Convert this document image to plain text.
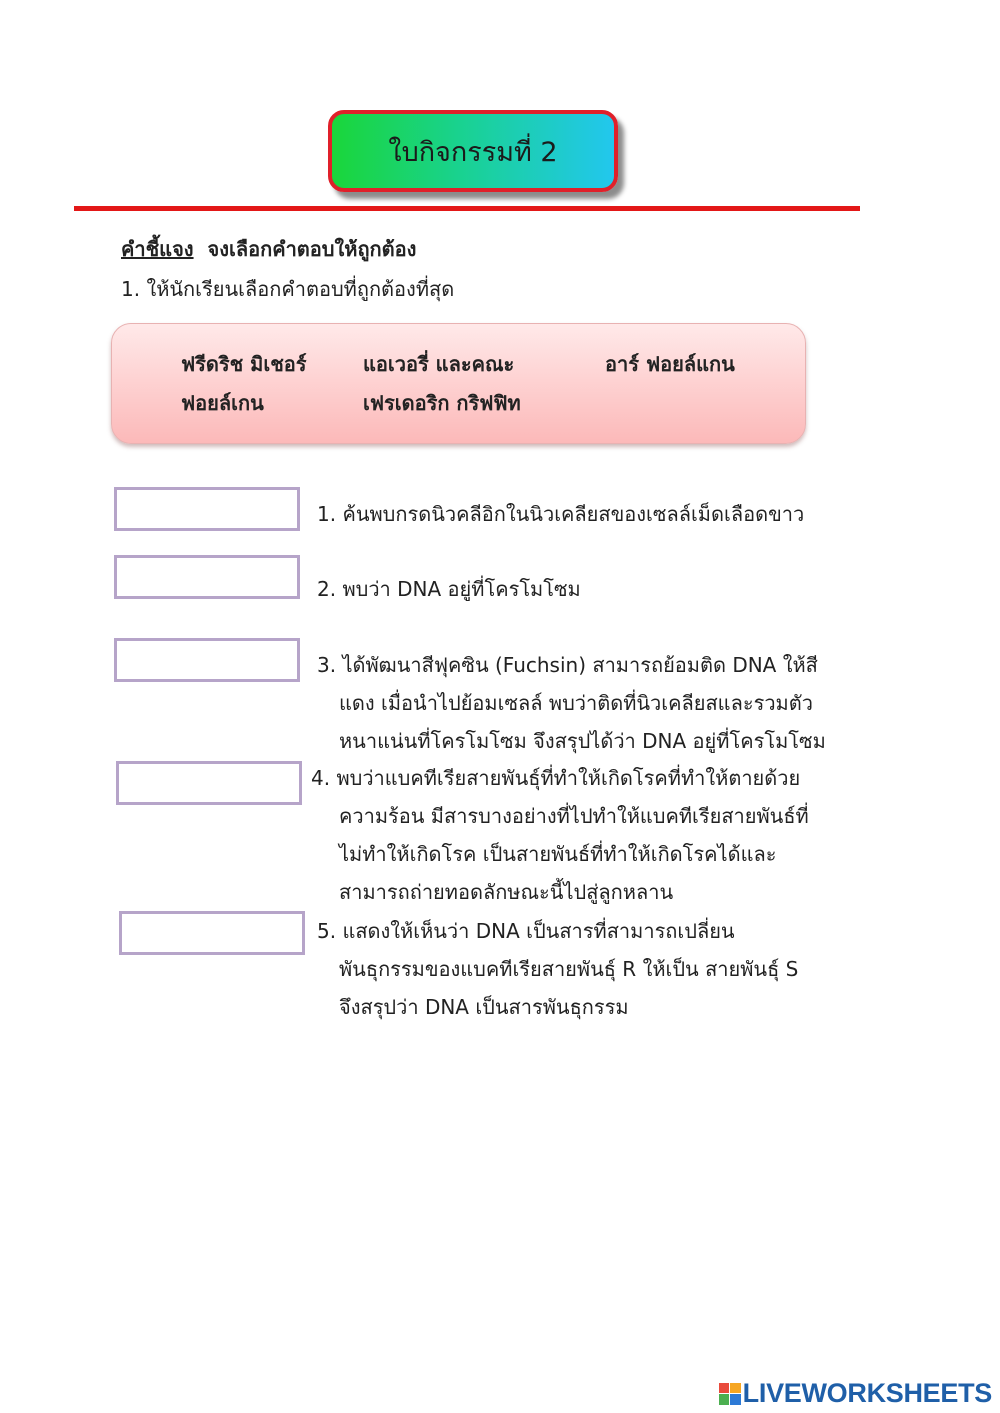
ใบกิจกรรมที่ 2
คำชี้แจง จงเลือกคำตอบให้ถูกต้อง
1. ให้นักเรียนเลือกคำตอบที่ถูกต้องที่สุด
ฟรีดริช มิเชอร์	แอเวอรี่ และคณะ	อาร์ ฟอยล์แกน
ฟอยล์เกน	เฟรเดอริก กริฟฟิท
1. ค้นพบกรดนิวคลีอิกในนิวเคลียสของเซลล์เม็ดเลือดขาว
2. พบว่า DNA อยู่ที่โครโมโซม
3. ได้พัฒนาสีฟุคซิน (Fuchsin) สามารถย้อมติด DNA ให้สี
แดง เมื่อนำไปย้อมเซลล์ พบว่าติดที่นิวเคลียสและรวมตัว
หนาแน่นที่โครโมโซม จึงสรุปได้ว่า DNA อยู่ที่โครโมโซม
4. พบว่าแบคทีเรียสายพันธุ์ที่ทำให้เกิดโรคที่ทำให้ตายด้วย
ความร้อน มีสารบางอย่างที่ไปทำให้แบคทีเรียสายพันธ์ที่
ไม่ทำให้เกิดโรค เป็นสายพันธ์ที่ทำให้เกิดโรคได้และ
สามารถถ่ายทอดลักษณะนี้ไปสู่ลูกหลาน
5. แสดงให้เห็นว่า DNA เป็นสารที่สามารถเปลี่ยน
พันธุกรรมของแบคทีเรียสายพันธุ์ R ให้เป็น สายพันธุ์ S
จึงสรุปว่า DNA เป็นสารพันธุกรรม
LIVEWORKSHEETS
